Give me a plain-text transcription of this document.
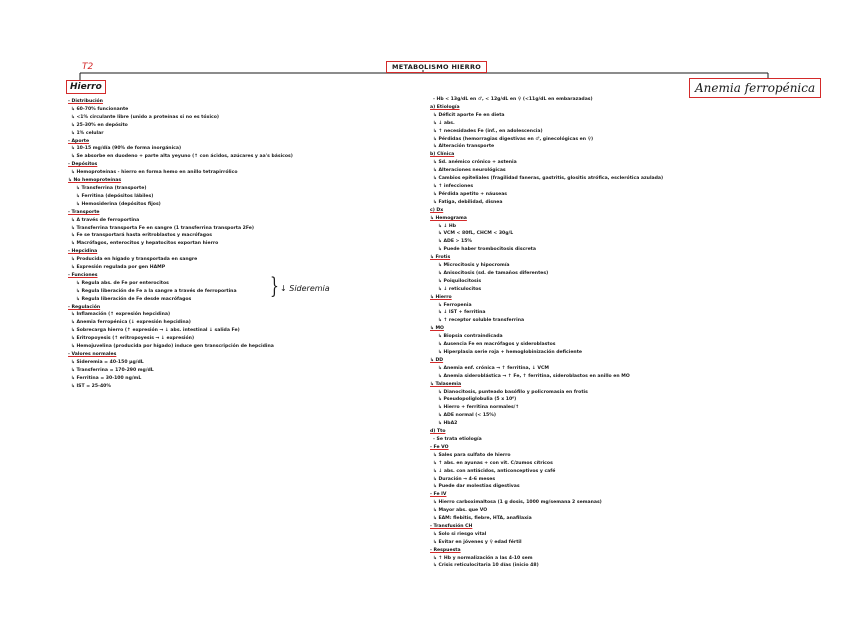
METABOLISMO HIERRO
T2
Hierro	Anemia ferropénica
- Distribución
↳ 60-70% funcionante
↳ <1% circulante libre (unido a proteínas si no es tóxico)
↳ 25-30% en depósito
↳ 1% celular
- Aporte
↳ 10-15 mg/día (90% de forma inorgánica)
↳ Se absorbe en duodeno + parte alta yeyuno (↑ con ácidos, azúcares y aa's básicos)
- Depósitos
↳ Hemoproteínas - hierro en forma hemo en anillo tetrapirrólico
↳ No hemoproteínas
↳ Transferrina (transporte)
↳ Ferritina (depósitos lábiles)
↳ Hemosiderina (depósitos fijos)
- Transporte
↳ A través de ferroportina
↳ Transferrina transporta Fe en sangre (1 transferrina transporta 2Fe)
↳ Fe se transportará hasta eritroblastos y macrófagos
↳ Macrófagos, enterocitos y hepatocitos exportan hierro
- Hepcidina
↳ Producida en hígado y transportada en sangre
↳ Expresión regulada por gen HAMP
- Funciones
↳ Regula abs. de Fe por enterocitos
↳ Regula liberación de Fe a la sangre a través de ferroportina
↳ Regula liberación de Fe desde macrófagos
- Regulación
↳ Inflamación (↑ expresión hepcidina)
↳ Anemia ferropénica (↓ expresión hepcidina)
↳ Sobrecarga hierro (↑ expresión → ↓ abs. intestinal ↓ salida Fe)
↳ Eritropoyesis (↑ eritropoyesis → ↓ expresión)
↳ Hemojuvelina (producida por hígado) induce gen transcripción de hepcidina
- Valores normales
↳ Sideremia = 40-150 µg/dL
↳ Transferrina = 170-290 mg/dL
↳ Ferritina = 30-100 ng/mL
↳ IST = 25-40%
- Hb < 13g/dL en ♂, < 12g/dL en ♀ (<11g/dL en embarazadas)
a) Etiología
↳ Déficit aporte Fe en dieta
↳ ↓ abs.
↳ ↑ necesidades Fe (inf., en adolescencia)
↳ Pérdidas (hemorragias digestivas en ♂, ginecológicas en ♀)
↳ Alteración transporte
b) Clínica
↳ Sd. anémico crónico + astenia
↳ Alteraciones neurológicas
↳ Cambios epiteliales (fragilidad faneras, gastritis, glositis atrófica, esclerótica azulada)
↳ ↑ infecciones
↳ Pérdida apetito + náuseas
↳ Fatiga, debilidad, disnea
c) Dx
↳ Hemograma
↳ ↓ Hb
↳ VCM < 80fL, CHCM < 30g/L
↳ ADE > 15%
↳ Puede haber trombocitosis discreta
↳ Frotis
↳ Microcitosis y hipocromía
↳ Anisocitosis (sd. de tamaños diferentes)
↳ Poiquilocitosis
↳ ↓ reticulocitos
↳ Hierro
↳ Ferropenia
↳ ↓ IST + ferritina
↳ ↑ receptor soluble transferrina
↳ MO
↳ Biopsia contraindicada
↳ Ausencia Fe en macrófagos y sideroblastos
↳ Hiperplasia serie roja + hemoglobinización deficiente
↳ DD
↳ Anemia enf. crónica → ↑ ferritina, ↓ VCM
↳ Anemia sideroblástica → ↑ Fe, ↑ ferritina, sideroblastos en anillo en MO
↳ Talasemia
↳ Dianocitosis, punteado basófilo y policromasia en frotis
↳ Pseudopoliglobulia (5 x 10⁶)
↳ Hierro + ferritina normales/↑
↳ ADE normal (< 15%)
↳ HbA2
d) Tto
- Se trata etiología
- Fe VO
↳ Sales para sulfato de hierro
↳ ↑ abs. en ayunas + con vit. C/zumos cítricos
↳ ↓ abs. con antiácidos, anticonceptivos y café
↳ Duración → 4-6 meses
↳ Puede dar molestias digestivas
- Fe IV
↳ Hierro carboximaltosa (1 g dosis, 1000 mg/semana 2 semanas)
↳ Mayor abs. que VO
↳ EAM: flebitis, fiebre, HTA, anafilaxia
- Transfusión CH
↳ Solo si riesgo vital
↳ Evitar en jóvenes y ♀ edad fértil
- Respuesta
↳ ↑ Hb y normalización a las 4-10 sem
↳ Crisis reticulocitaria 10 días (inicio 48)
} ↓ Sideremia
